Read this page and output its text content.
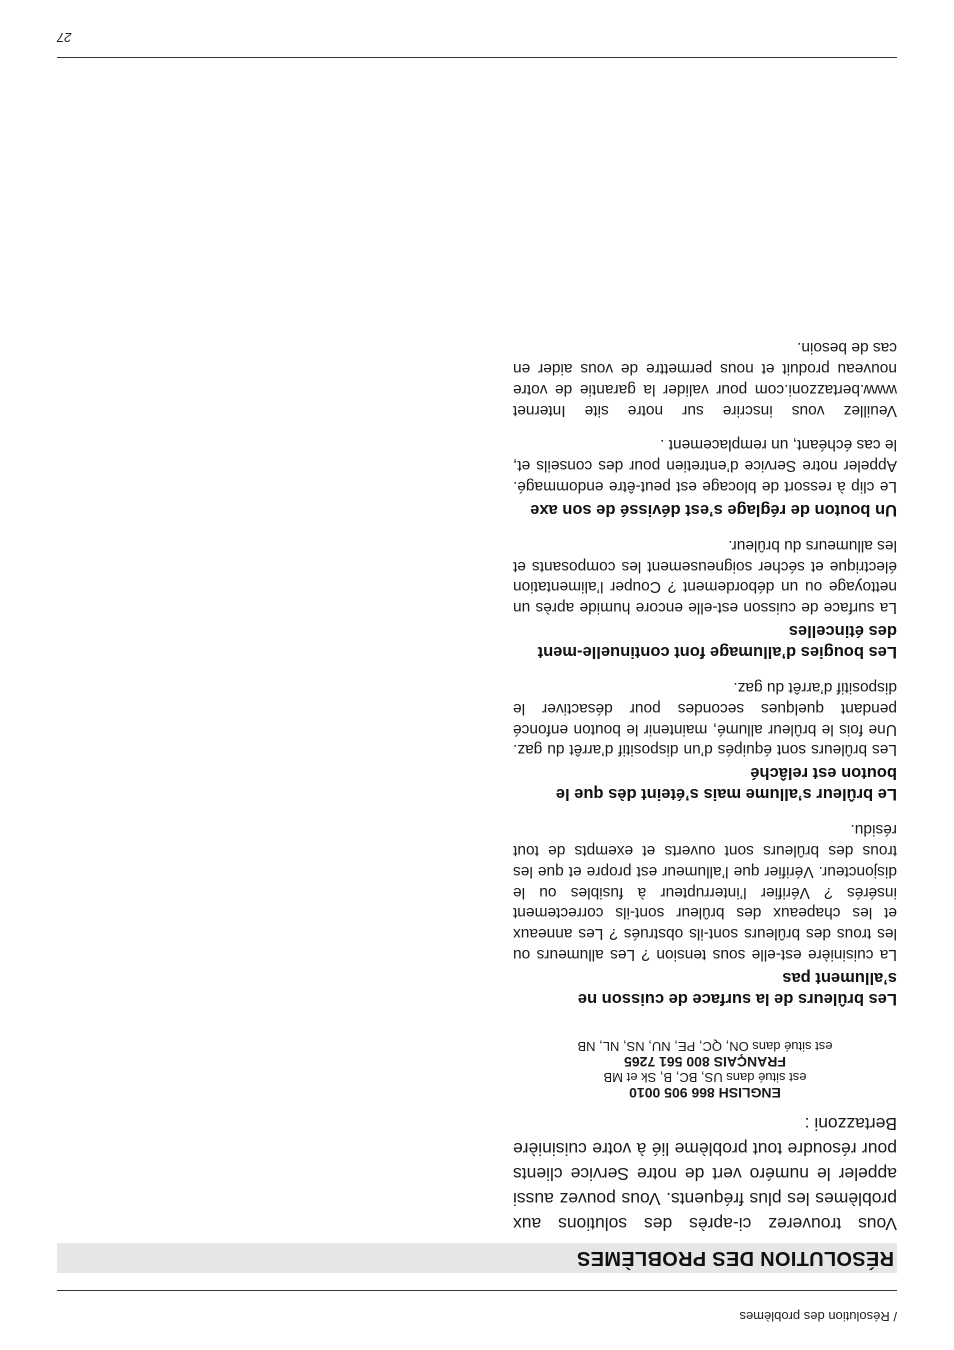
/ Résolution des problèmes
RÉSOLUTION DES PROBLÈMES

Vous trouverez ci-après des solutions aux problèmes les plus fréquents. Vous pouvez aussi appeler le numéro vert de notre Service clients pour résoudre tout problème lié à votre cuisinière Bertazzoni :

ENGLISH 866 905 0010
est situé dans US, BC, B, Sk et MB
FRANÇAIS 800 561 7265
est situé dans ON, QC, PE, NU, NS, NL, NB
Les brûleurs de la surface de cuisson ne s’allument pas

La cuisinière est-elle sous tension ? Les allumeurs ou les trous des brûleurs sont-ils obstrués ? Les anneaux et les chapeaux des brûleur sont-ils correctement insérés ? Vérifier l’interrupteur à fusibles ou le disjoncteur. Vérifier que l’allumeur est propre et que les trous des brûleurs sont ouverts et exempts de tout résidu.

Le brûleur s’allume mais s’éteint dès que le bouton est relâché

Les brûleurs sont équipés d’un dispositif d’arrêt du gaz. Une fois le brûleur allumé, maintenir le bouton enfoncé pendant quelques secondes pour désactiver le dispositif d’arrêt du gaz.

Les bougies d’allumage font continuelle-ment des étincelles

La surface de cuisson est-elle encore humide après un nettoyage ou un débordement ? Couper l’alimentation électrique et sécher soigneusement les composants et les allumeurs du brûleur.

Un bouton de réglage s’est dévissé de son axe

Le clip à ressort de blocage est peut-être endommagé. Appeler notre Service d’entretien pour des conseils et, le cas échéant, un remplacement .

Veuillez vous inscrire sur notre site Internet www.bertazzoni.com pour valider la garantie de votre nouveau produit et nous permettre de vous aider en cas de besoin.

27
